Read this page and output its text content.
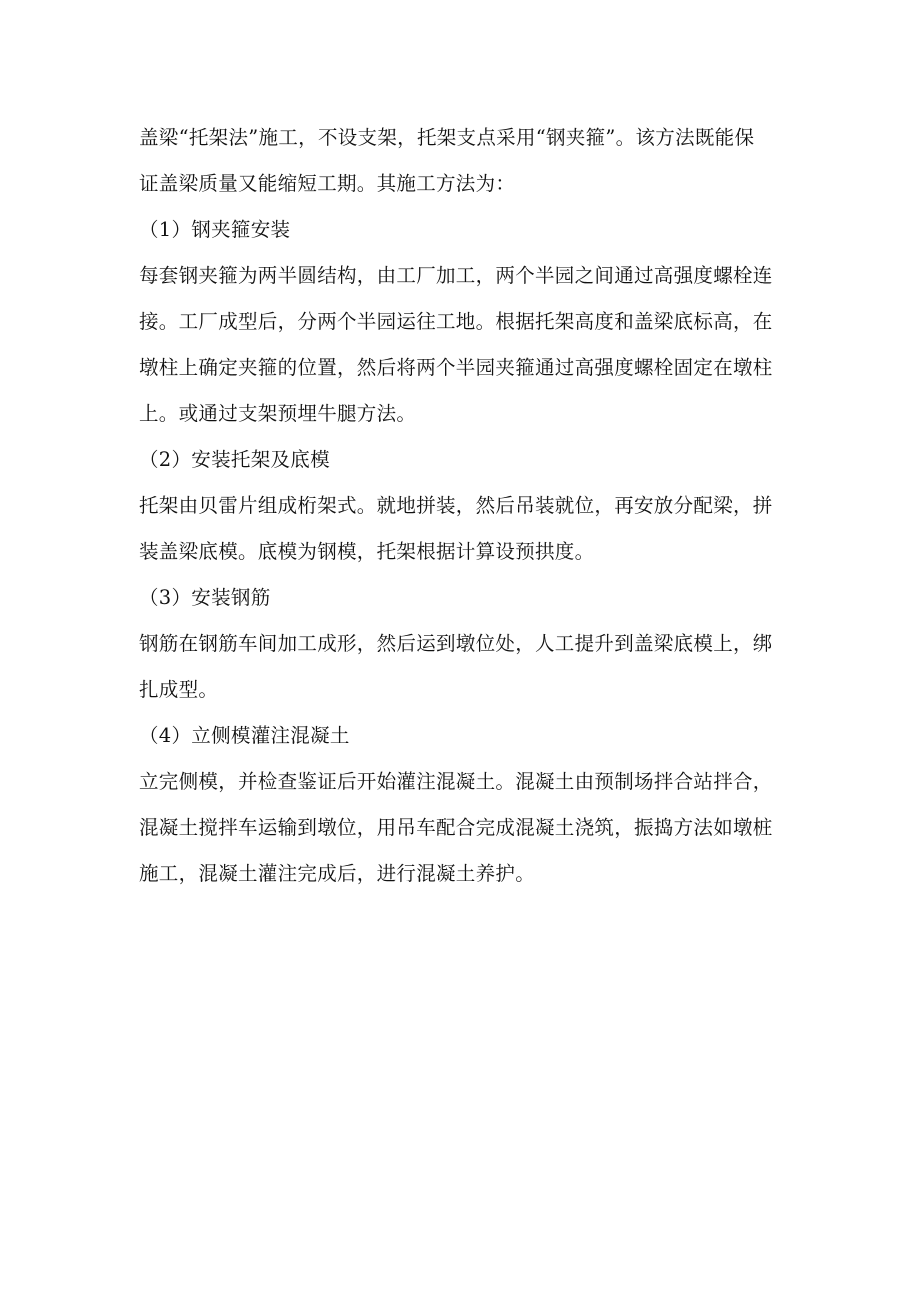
盖梁“托架法”施工，不设支架，托架支点采用“钢夹箍”。该方法既能保
证盖梁质量又能缩短工期。其施工方法为：
（1）钢夹箍安装
每套钢夹箍为两半圆结构，由工厂加工，两个半园之间通过高强度螺栓连
接。工厂成型后，分两个半园运往工地。根据托架高度和盖梁底标高，在
墩柱上确定夹箍的位置，然后将两个半园夹箍通过高强度螺栓固定在墩柱
上。或通过支架预埋牛腿方法。
（2）安装托架及底模
托架由贝雷片组成桁架式。就地拼装，然后吊装就位，再安放分配梁，拼
装盖梁底模。底模为钢模，托架根据计算设预拱度。
（3）安装钢筋
钢筋在钢筋车间加工成形，然后运到墩位处，人工提升到盖梁底模上，绑
扎成型。
（4）立侧模灌注混凝土
立完侧模，并检查鉴证后开始灌注混凝土。混凝土由预制场拌合站拌合，
混凝土搅拌车运输到墩位，用吊车配合完成混凝土浇筑，振捣方法如墩桩
施工，混凝土灌注完成后，进行混凝土养护。
